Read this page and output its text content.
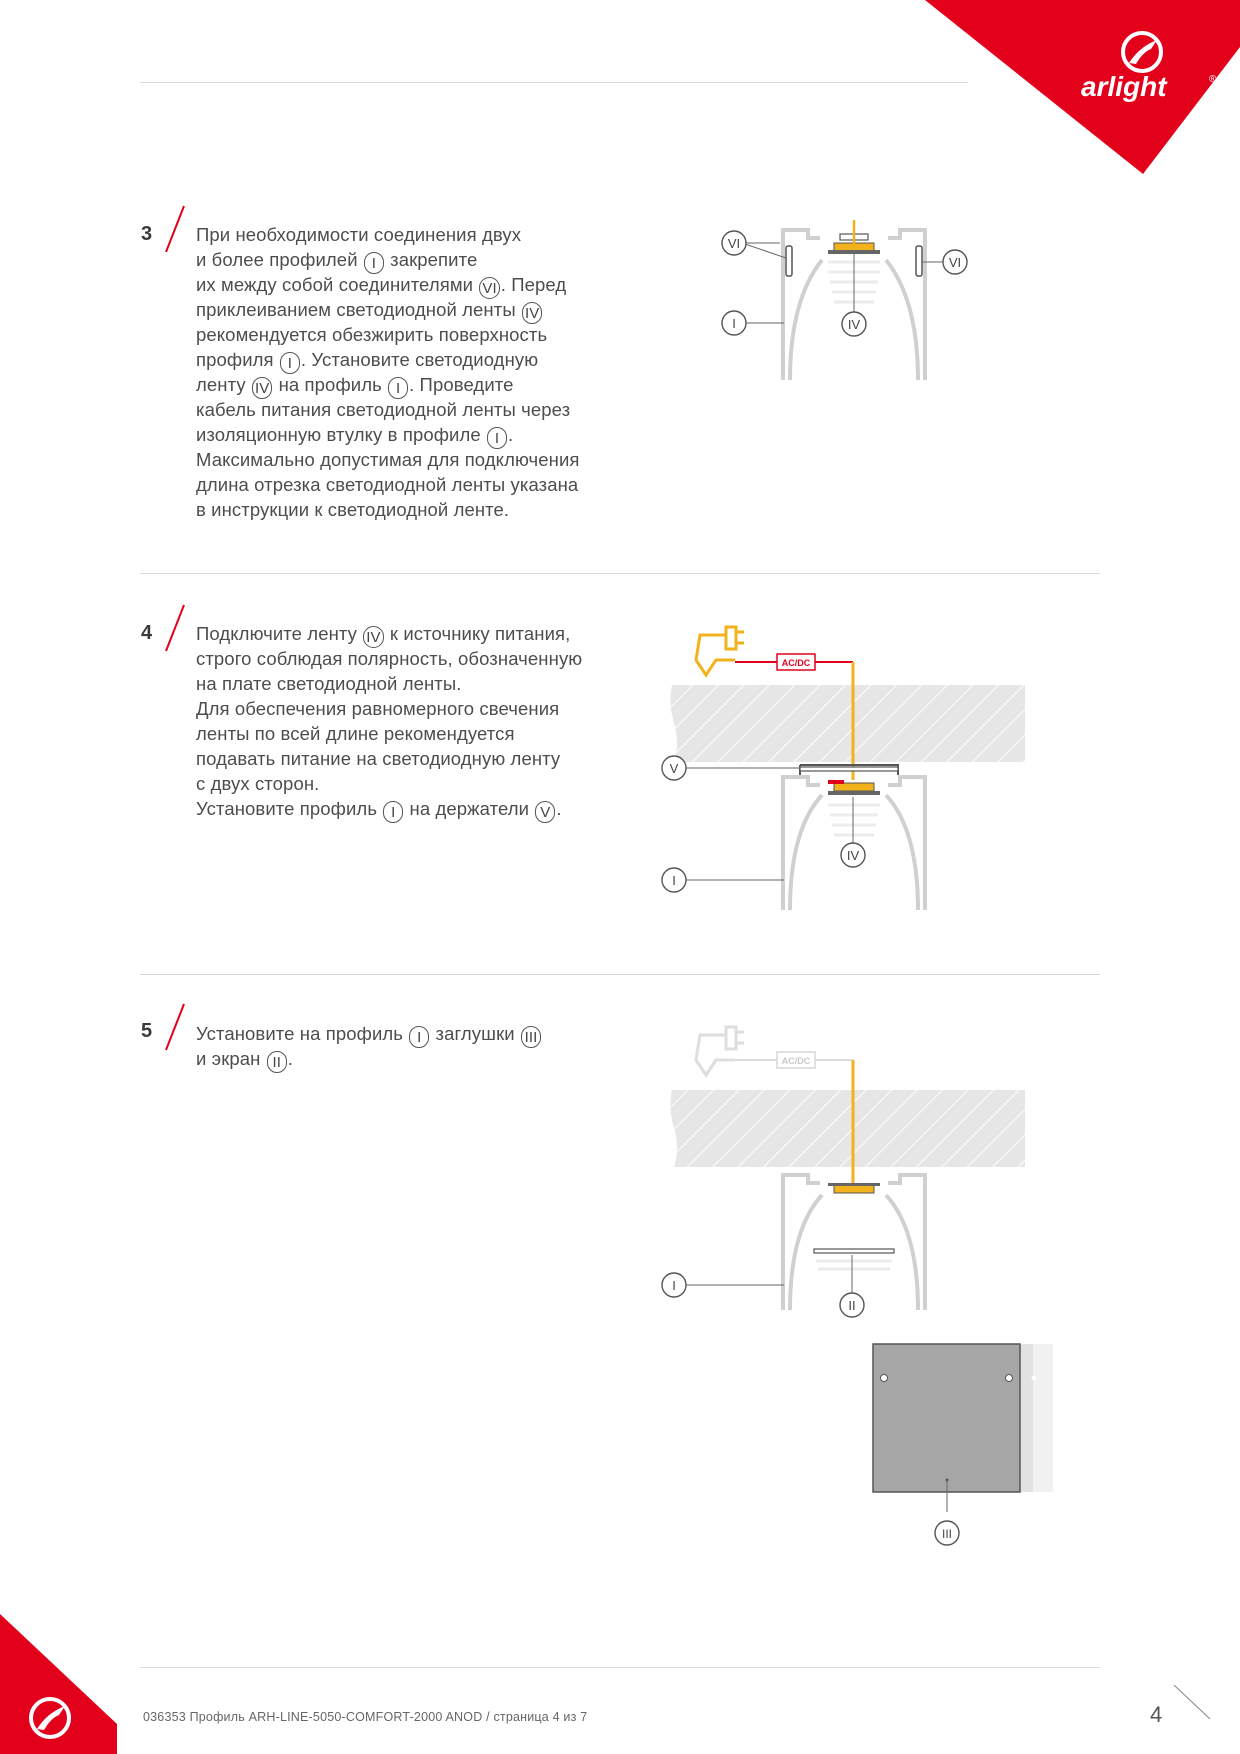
arlight	®
3 При необходимости соединения двух
и более профилей I закрепите
их между собой соединителями VI . Перед
приклеиванием светодиодной ленты IV
рекомендуется обезжирить поверхность
профиля I . Установите светодиодную
ленту IV на профиль I . Проведите
кабель питания светодиодной ленты через
изоляционную втулку в профиле I .
Максимально допустимая для подключения
длина отрезка светодиодной ленты указана
в инструкции к светодиодной ленте.
VI
VI
I	IV
4 Подключите ленту IV к источнику питания,
строго соблюдая полярность, обозначенную
на плате светодиодной ленты.
Для обеспечения равномерного свечения
ленты по всей длине рекомендуется
подавать питание на светодиодную ленту
с двух сторон.
Установите профиль I на держатели V .
AC/DC
V
I
IV
5 Установите на профиль I заглушки III
и экран II .	AC/DC
I
II
III
036353 Профиль ARH-LINE-5050-COMFORT-2000 ANOD / страница 4 из 7	4
